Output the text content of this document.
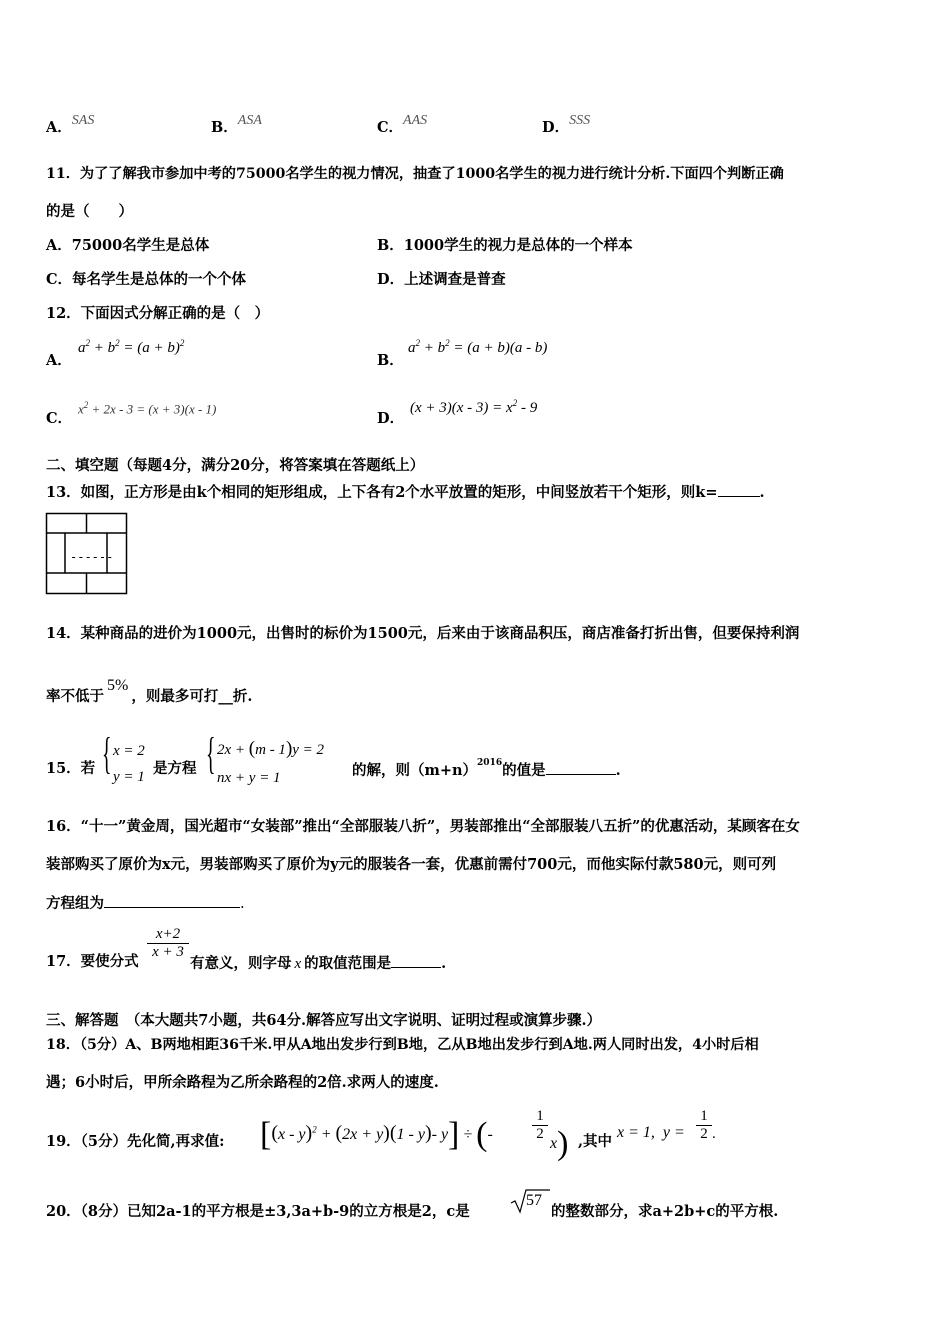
A．SAS	B．ASA	C．AAS	D．SSS
11．为了了解我市参加中考的75000名学生的视力情况，抽查了1000名学生的视力进行统计分析.下面四个判断正确
的是（　　）
A．75000名学生是总体	B．1000学生的视力是总体的一个样本
C．每名学生是总体的一个个体	D．上述调查是普查
12．下面因式分解正确的是（　）
A．
$a^2 + b^2 = (a + b)^2$
B．
$a^2 + b^2 = (a + b)(a - b)$
C．
$x^2 + 2x - 3 = (x + 3)(x - 1)$
D．
$(x + 3)(x - 3) = x^2 - 9$
二、填空题（每题4分，满分20分，将答案填在答题纸上）
13．如图，正方形是由k个相同的矩形组成，上下各有2个水平放置的矩形，中间竖放若干个矩形，则k=	.
------
14．某种商品的进价为1000元，出售时的标价为1500元，后来由于该商品积压，商店准备打折出售，但要保持利润
率不低于5%，则最多可打__折.
15．若 { x = 2
y = 1 是方程 { 2x + (m - 1)y = 2
nx + y = 1	的解，则$(m+n)^{2016}$的值是	.
16．“十一”黄金周，国光超市“女装部”推出“全部服装八折”，男装部推出“全部服装八五折”的优惠活动，某顾客在女
装部购买了原价为x元，男装部购买了原价为y元的服装各一套，优惠前需付700元，而他实际付款580元，则可列
方程组为	.
17．要使分式
$\frac{x+2}{x + 3}$
有意义，则字母 x 的取值范围是	.
三、解答题　（本大题共7小题，共64分.解答应写出文字说明、证明过程或演算步骤.）
18．（5分）A、B两地相距36千米.甲从A地出发步行到B地，乙从B地出发步行到A地.两人同时出发，4小时后相
遇；6小时后，甲所余路程为乙所余路程的2倍.求两人的速度.
19．（5分）先化简,再求值: [(x - y)$^2$ + (2x + y)(1 - y)- y] ÷ (-	$\frac{1}{2}$
x) ,其中
x = 1,  $y = \frac{1}{2}$ .
20．（8分）已知2a-1的平方根是±3,3a+b-9的立方根是2，c是
57
的整数部分，求a+2b+c的平方根.
